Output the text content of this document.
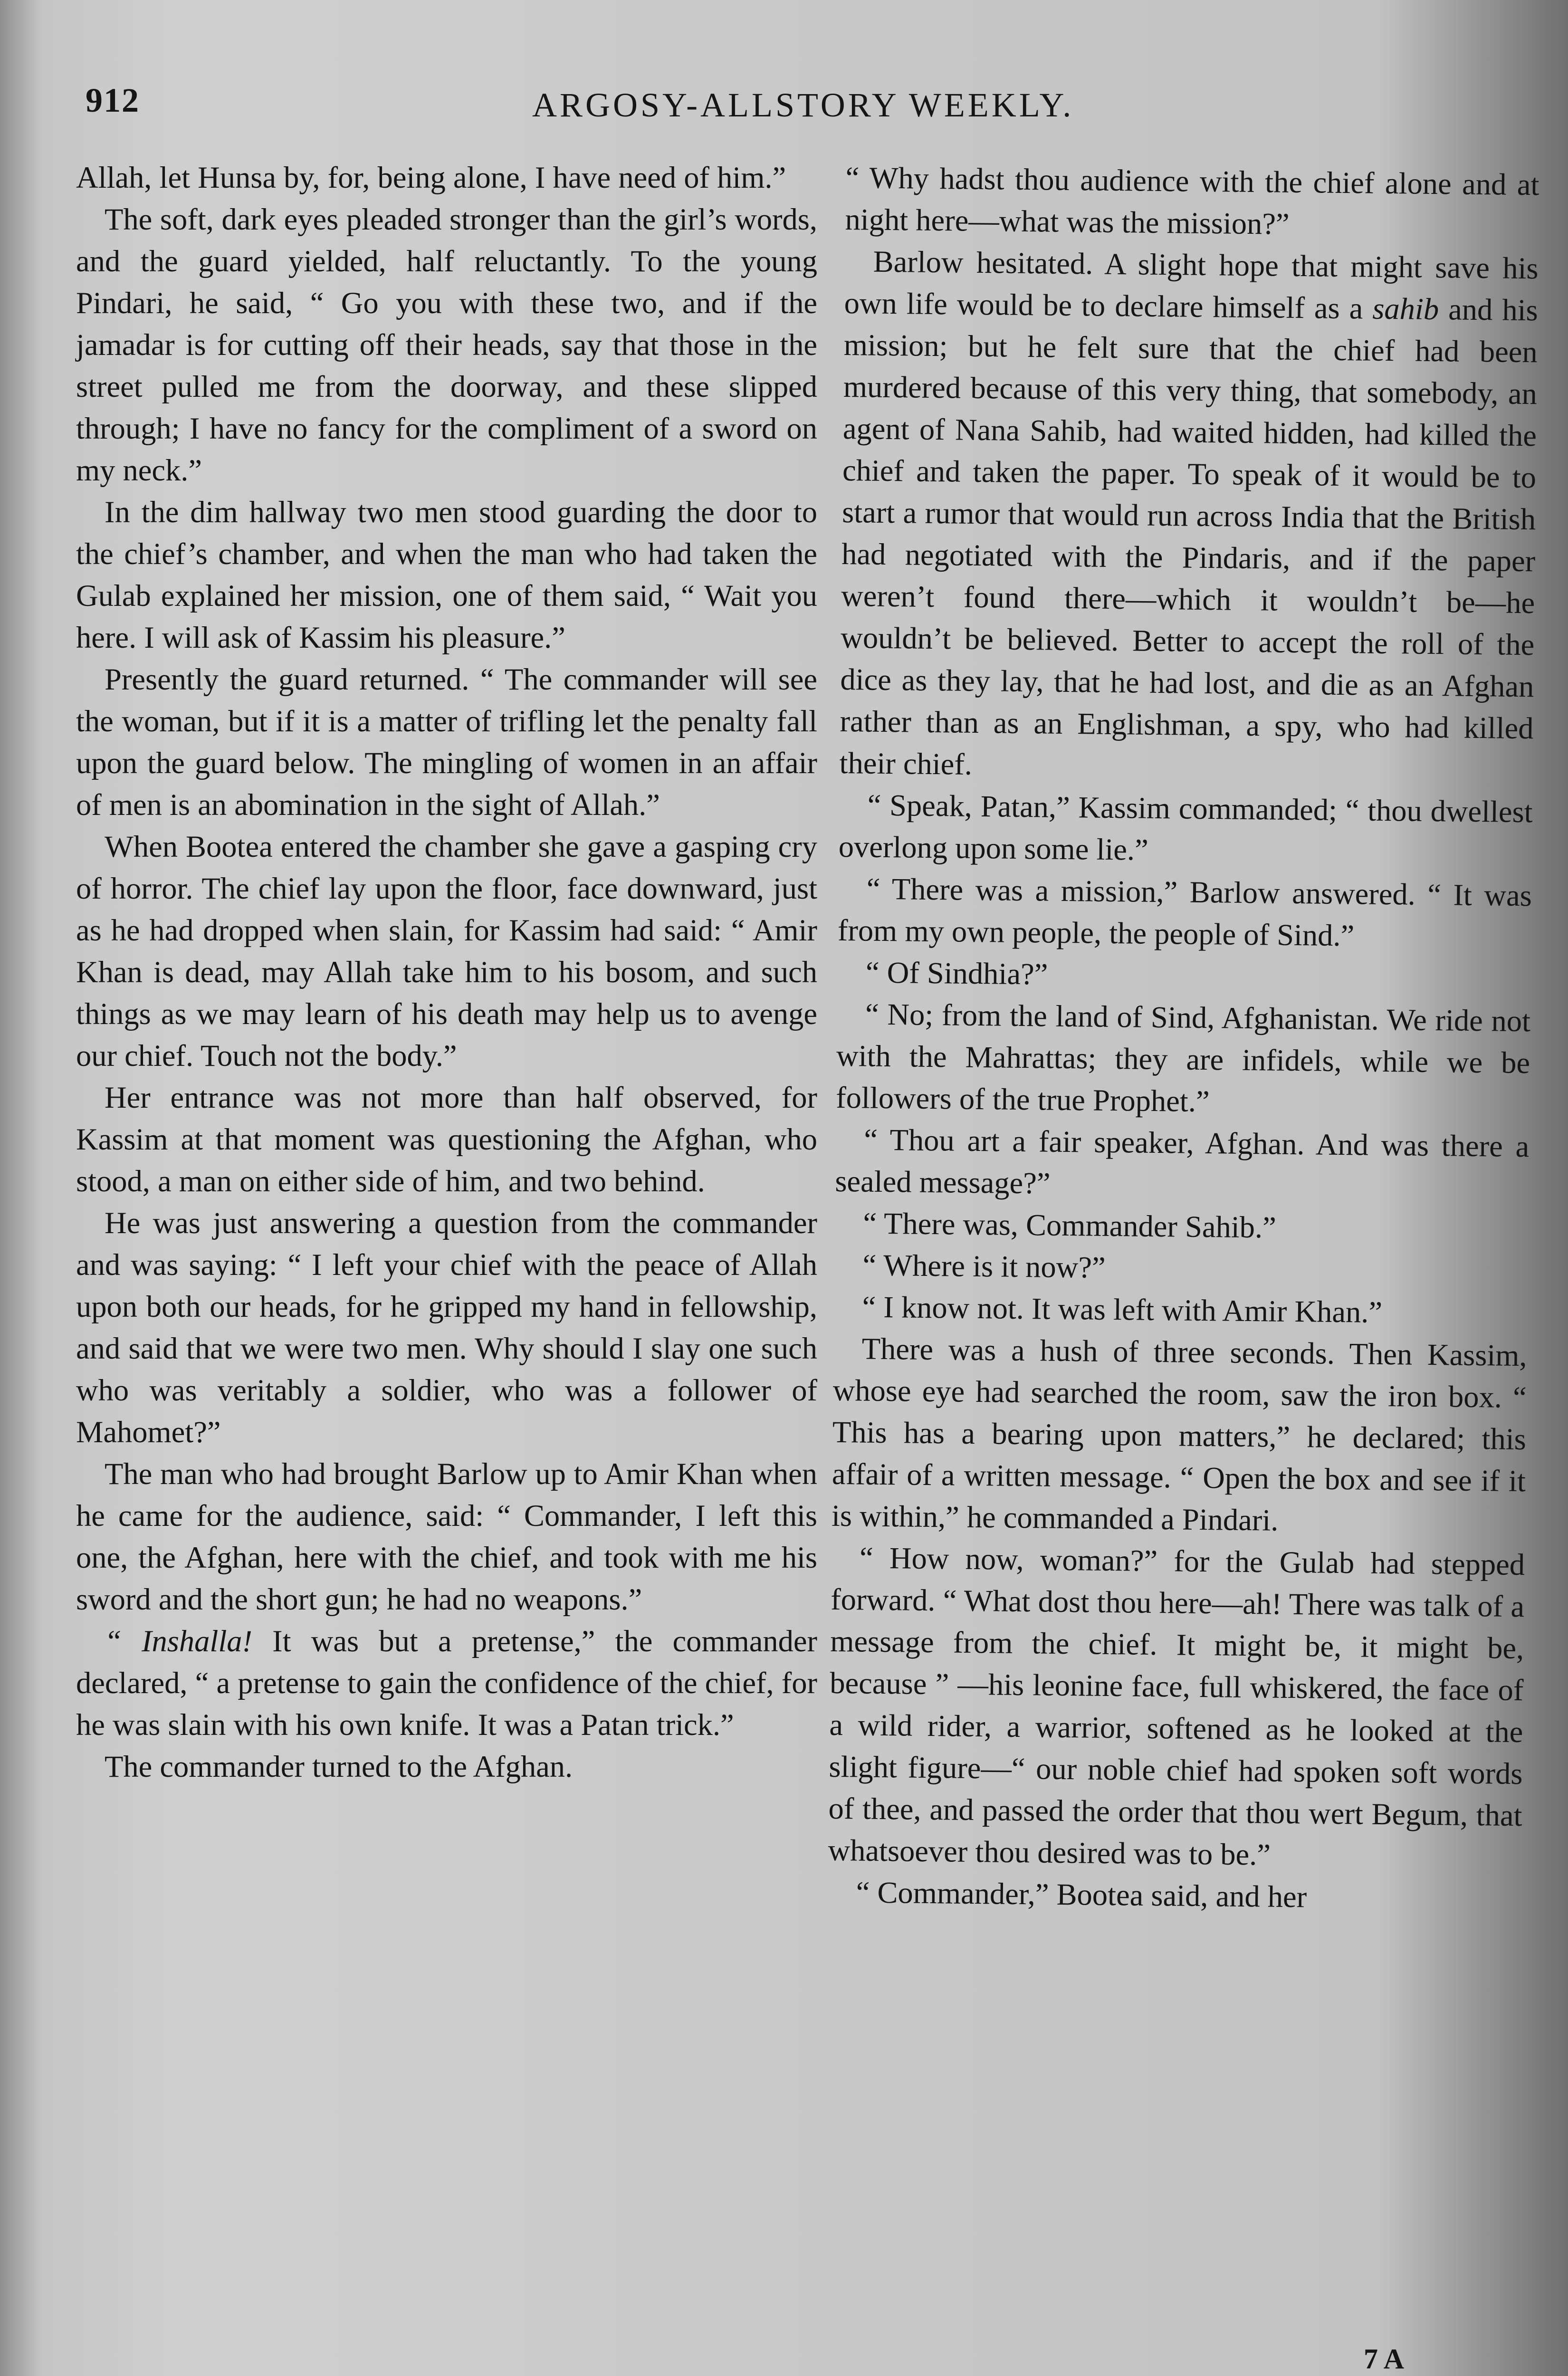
912	ARGOSY-ALLSTORY WEEKLY.

Allah, let Hunsa by, for, being alone, I have need of him.”

The soft, dark eyes pleaded stronger than the girl’s words, and the guard yielded, half reluctantly. To the young Pindari, he said, “ Go you with these two, and if the jamadar is for cutting off their heads, say that those in the street pulled me from the doorway, and these slipped through; I have no fancy for the compliment of a sword on my neck.”

In the dim hallway two men stood guarding the door to the chief’s chamber, and when the man who had taken the Gulab explained her mission, one of them said, “ Wait you here. I will ask of Kassim his pleasure.”

Presently the guard returned. “ The commander will see the woman, but if it is a matter of trifling let the penalty fall upon the guard below. The mingling of women in an affair of men is an abomination in the sight of Allah.”

When Bootea entered the chamber she gave a gasping cry of horror. The chief lay upon the floor, face downward, just as he had dropped when slain, for Kassim had said: “ Amir Khan is dead, may Allah take him to his bosom, and such things as we may learn of his death may help us to avenge our chief. Touch not the body.”

Her entrance was not more than half observed, for Kassim at that moment was questioning the Afghan, who stood, a man on either side of him, and two behind.

He was just answering a question from the commander and was saying: “ I left your chief with the peace of Allah upon both our heads, for he gripped my hand in fellowship, and said that we were two men. Why should I slay one such who was veritably a soldier, who was a follower of Mahomet?”

The man who had brought Barlow up to Amir Khan when he came for the audience, said: “ Commander, I left this one, the Afghan, here with the chief, and took with me his sword and the short gun; he had no weapons.”

“ Inshalla! It was but a pretense,” the commander declared, “ a pretense to gain the confidence of the chief, for he was slain with his own knife. It was a Patan trick.”

The commander turned to the Afghan.

“ Why hadst thou audience with the chief alone and at night here—what was the mission?”

Barlow hesitated. A slight hope that might save his own life would be to declare himself as a sahib and his mission; but he felt sure that the chief had been murdered because of this very thing, that somebody, an agent of Nana Sahib, had waited hidden, had killed the chief and taken the paper. To speak of it would be to start a rumor that would run across India that the British had negotiated with the Pindaris, and if the paper weren’t found there—which it wouldn’t be—he wouldn’t be believed. Better to accept the roll of the dice as they lay, that he had lost, and die as an Afghan rather than as an Englishman, a spy, who had killed their chief.

“ Speak, Patan,” Kassim commanded; “ thou dwellest overlong upon some lie.”

“ There was a mission,” Barlow answered. “ It was from my own people, the people of Sind.”

“ Of Sindhia?”

“ No; from the land of Sind, Afghanistan. We ride not with the Mahrattas; they are infidels, while we be followers of the true Prophet.”

“ Thou art a fair speaker, Afghan. And was there a sealed message?”

“ There was, Commander Sahib.”

“ Where is it now?”

“ I know not. It was left with Amir Khan.”

There was a hush of three seconds. Then Kassim, whose eye had searched the room, saw the iron box. “ This has a bearing upon matters,” he declared; this affair of a written message. “ Open the box and see if it is within,” he commanded a Pindari.

“ How now, woman?” for the Gulab had stepped forward. “ What dost thou here—ah! There was talk of a message from the chief. It might be, it might be, because ” —his leonine face, full whiskered, the face of a wild rider, a warrior, softened as he looked at the slight figure—“ our noble chief had spoken soft words of thee, and passed the order that thou wert Begum, that whatsoever thou desired was to be.”

“ Commander,” Bootea said, and her

7 A
